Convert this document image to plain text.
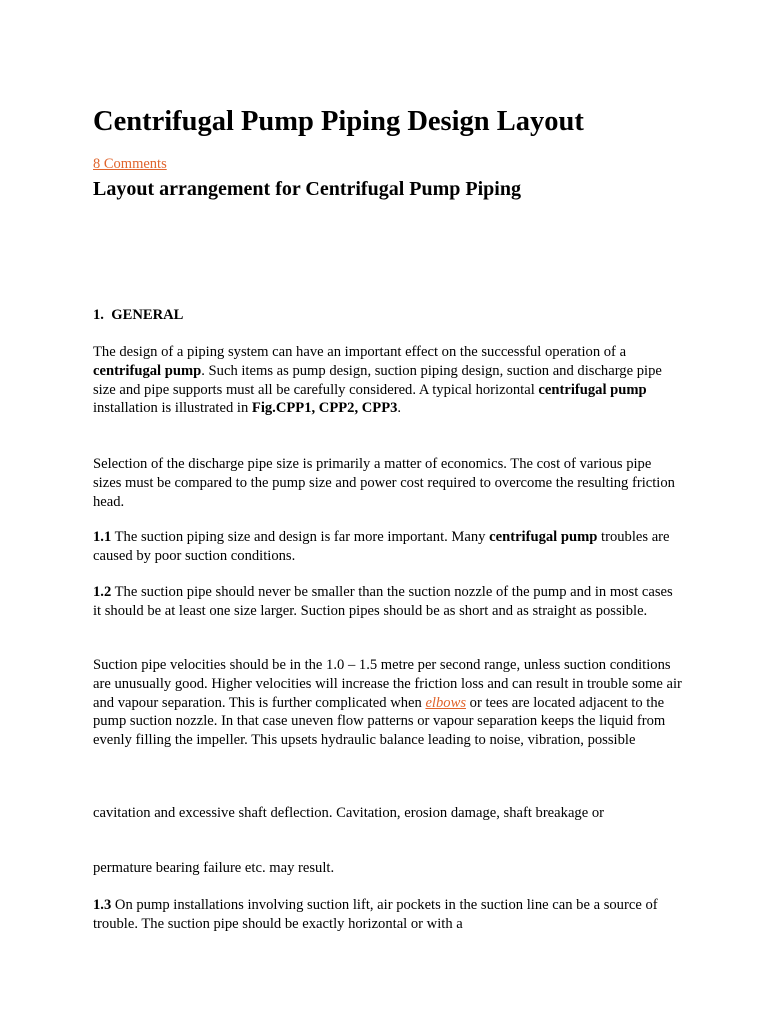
Centrifugal Pump Piping Design Layout
8 Comments
Layout arrangement for Centrifugal Pump Piping

1. GENERAL

The design of a piping system can have an important effect on the successful operation of a centrifugal pump. Such items as pump design, suction piping design, suction and discharge pipe size and pipe supports must all be carefully considered. A typical horizontal centrifugal pump installation is illustrated in Fig.CPP1, CPP2, CPP3.

Selection of the discharge pipe size is primarily a matter of economics. The cost of various pipe sizes must be compared to the pump size and power cost required to overcome the resulting friction head.

1.1 The suction piping size and design is far more important. Many centrifugal pump troubles are caused by poor suction conditions.

1.2 The suction pipe should never be smaller than the suction nozzle of the pump and in most cases it should be at least one size larger. Suction pipes should be as short and as straight as possible.

Suction pipe velocities should be in the 1.0 – 1.5 metre per second range, unless suction conditions are unusually good. Higher velocities will increase the friction loss and can result in trouble some air and vapour separation. This is further complicated when elbows or tees are located adjacent to the pump suction nozzle. In that case uneven flow patterns or vapour separation keeps the liquid from evenly filling the impeller. This upsets hydraulic balance leading to noise, vibration, possible

cavitation and excessive shaft deflection. Cavitation, erosion damage, shaft breakage or

permature bearing failure etc. may result.

1.3 On pump installations involving suction lift, air pockets in the suction line can be a source of trouble. The suction pipe should be exactly horizontal or with a
